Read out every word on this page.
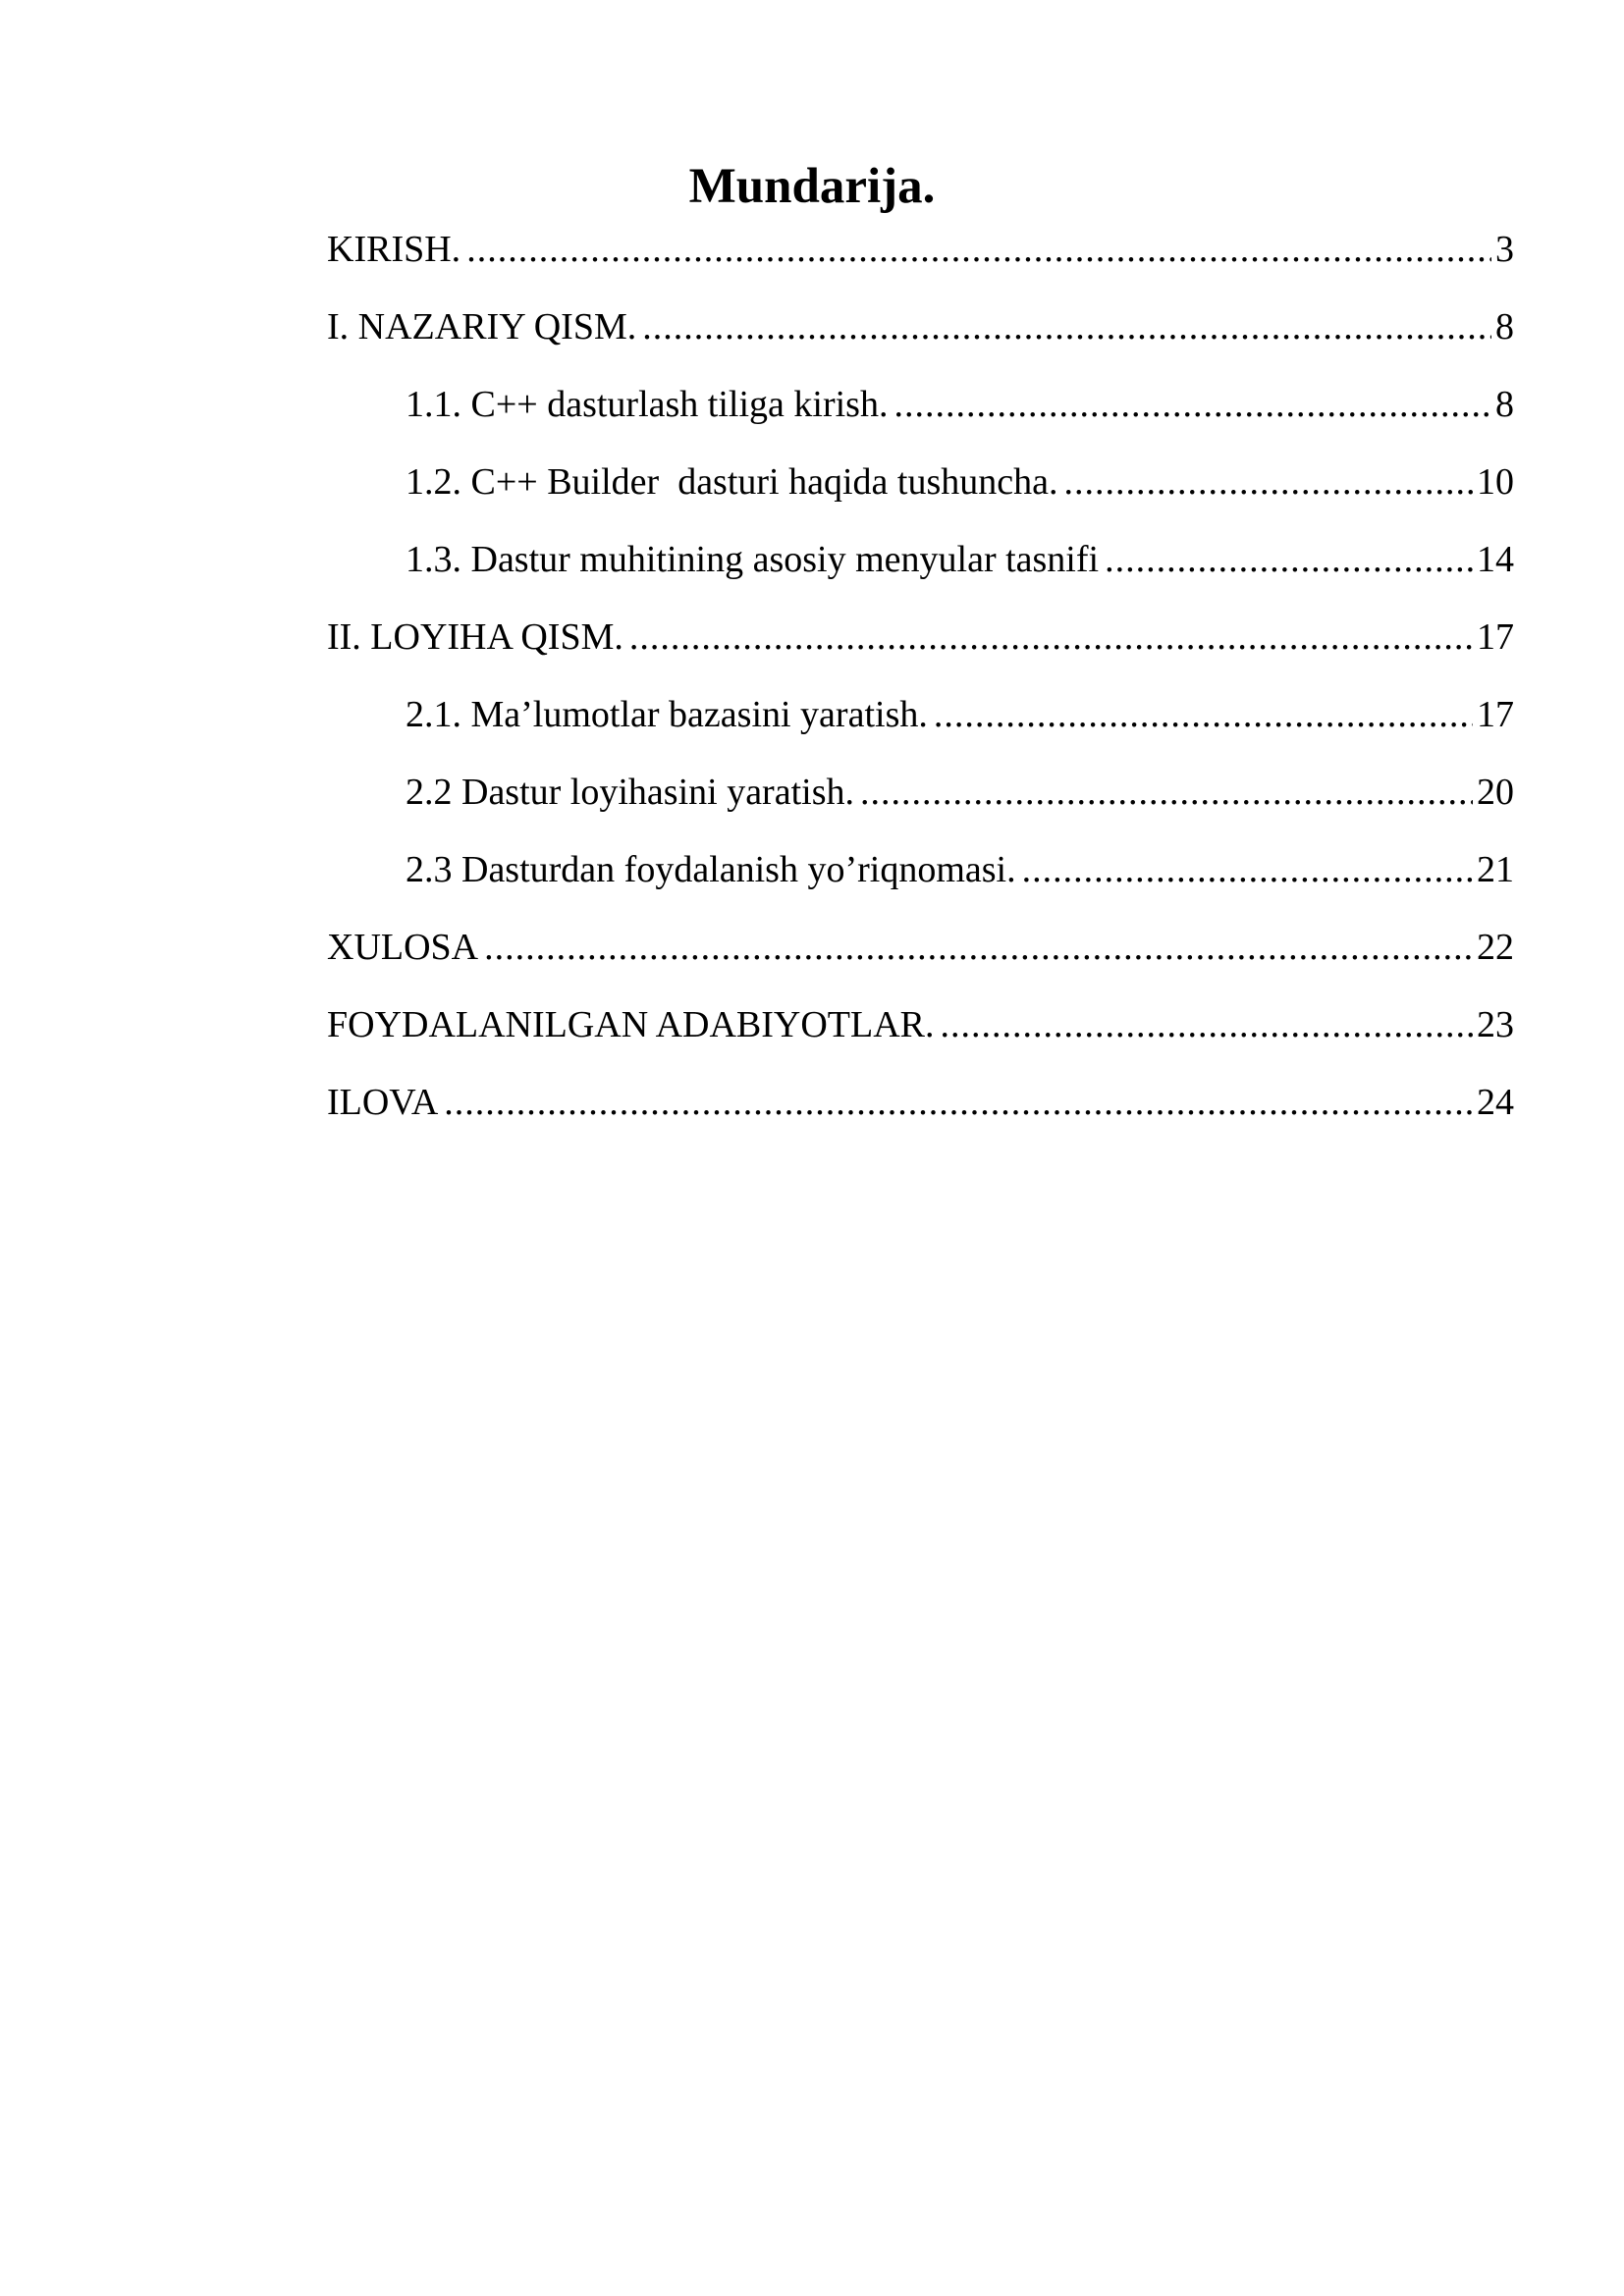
Mundarija.
KIRISH. .....	3
I. NAZARIY QISM. .....	8
1.1. C++ dasturlash tiliga kirish. .....	8
1.2. C++ Builder  dasturi haqida tushuncha. .....	10
1.3. Dastur muhitining asosiy menyular tasnifi .....	14
II. LOYIHA QISM. .....	17
2.1. Ma’lumotlar bazasini yaratish. .....	17
2.2 Dastur loyihasini yaratish. .....	20
2.3 Dasturdan foydalanish yo’riqnomasi. .....	21
XULOSA .....	22
FOYDALANILGAN ADABIYOTLAR. .....	23
ILOVA .....	24
